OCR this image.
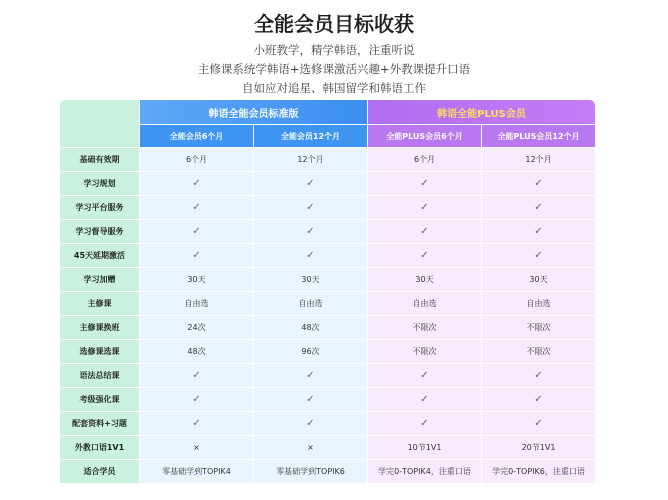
全能会员目标收获
小班教学，精学韩语，注重听说
主修课系统学韩语+选修课激活兴趣+外教课提升口语
自如应对追星、韩国留学和韩语工作
	韩语全能会员标准版		韩语全能PLUS会员	
	全能会员6个月	全能会员12个月	全能PLUS会员6个月	全能PLUS会员12个月
基础有效期	6个月	12个月	6个月	12个月
学习规划	✓	✓	✓	✓
学习平台服务	✓	✓	✓	✓
学习督导服务	✓	✓	✓	✓
45天延期激活	✓	✓	✓	✓
学习加赠	30天	30天	30天	30天
主修课	自由选	自由选	自由选	自由选
主修课换班	24次	48次	不限次	不限次
选修课选课	48次	96次	不限次	不限次
语法总结课	✓	✓	✓	✓
考级强化课	✓	✓	✓	✓
配套资料+习题	✓	✓	✓	✓
外教口语1V1	×	×	10节1V1	20节1V1
适合学员	零基础学到TOPIK4	零基础学到TOPIK6	学完0-TOPIK4，注重口语	学完0-TOPIK6，注重口语
